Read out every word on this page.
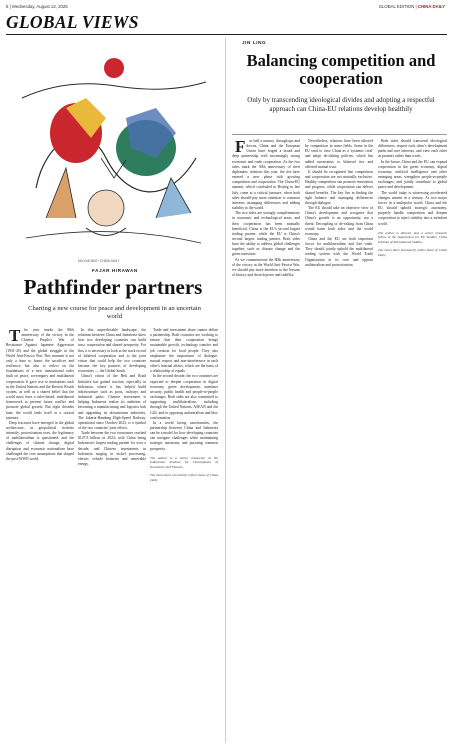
8 | Wednesday, August 13, 2025	GLOBAL EDITION | CHINA DAILY
GLOBAL VIEWS
MA XUEJING / CHINA DAILY
FAJAR HIRAWAN
Pathfinder partners
Charting a new course for peace and development in an uncertain world

T he year marks the 80th anniversary of the victory in the Chinese People's War of Resistance Against Japanese Aggression (1931-45) and the global struggle in the World Anti-Fascist War. This moment is not only a time to honor the sacrifices and resilience, but also to reflect on the foundations of a new international order built on peace, sovereignty and multilateral cooperation. It gave rise to institutions such as the United Nations and the Bretton Woods system, as well as a shared belief that the world must have a rules-based, multilateral framework to prevent future conflict and promote global growth. But eight decades later, the world finds itself at a critical juncture.

Deep fractures have emerged in the global architecture, as geopolitical rivalries intensify, protectionism rises, the legitimacy of multilateralism is questioned, and the challenges of climate change, digital disruption and economic nationalism have challenged the core assumptions that shaped the post-WWII world.

In this unpredictable landscape, the relations between China and Indonesia show how two developing countries can build trust, cooperation and shared prosperity. For this, it is necessary to look at the track record of bilateral cooperation and to the joint vision that could help the two countries become the key partners of developing economies — the Global South.

China's vision of the Belt and Road Initiative has gained traction, especially in Indonesia, where it has helped build infrastructure such as ports, railways and industrial parks. Chinese investment is helping Indonesia realize its ambition of becoming a manufacturing and logistics hub and upgrading its downstream industries. The Jakarta-Bandung High-Speed Railway, operational since October 2023, is a symbol of the two countries' joint efforts.

Trade between the two economies reached $147.8 billion in 2024, with China being Indonesia's largest trading partner for over a decade, and Chinese investments in Indonesia surging in nickel processing, electric vehicle batteries and renewable energy.

Trade and investment alone cannot define a partnership. Both countries are working to ensure that their cooperation brings sustainable growth, technology transfer and job creation for local people. They also emphasize the importance of dialogue, mutual respect and non-interference in each other's internal affairs, which are the basis of a relationship of equals.

In the second decade, the two countries are expected to deepen cooperation in digital economy, green development, maritime security, public health and people-to-people exchanges. Both sides are also committed to supporting multilateralism, including through the United Nations, ASEAN and the G20, and to opposing unilateralism and bloc confrontation.

In a world facing uncertainties, the partnership between China and Indonesia can be a model for how developing countries can navigate challenges while maintaining strategic autonomy and pursuing common prosperity.

The author is a senior researcher at the Indonesian Institute for Development of Economics and Finance.

The views don't necessarily reflect those of China Daily.

JIN LING
Balancing competition and cooperation
Only by transcending ideological divides and adopting a respectful approach can China-EU relations develop healthily

F or half a century, through ups and downs, China and the European Union have forged a broad and deep partnership with increasingly strong economic and trade cooperation. As the two sides mark the 50th anniversary of their diplomatic relations this year, the ties have entered a new phase with growing competition and cooperation. The China-EU summit, which concluded in Beijing in late July, came at a critical juncture, when both sides should pay more attention to common interests, managing differences and adding stability to the world.

The two sides are strongly complementary in economic and technological areas, and their cooperation has been mutually beneficial. China is the EU's second largest trading partner, while the EU is China's second largest trading partner. Both sides have the ability to address global challenges together, such as climate change and the green transition.

As we commemorate the 80th anniversary of the victory in the World Anti-Fascist War, we should pay more attention to the lessons of history and cherish peace and stability.

Nevertheless, relations have been affected by competition in some fields. Some in the EU tend to view China as a 'systemic rival' and adopt de-risking policies, which has added uncertainty to bilateral ties and affected mutual trust.

It should be recognized that competition and cooperation are not mutually exclusive. Healthy competition can promote innovation and progress, while cooperation can deliver shared benefits. The key lies in finding the right balance and managing differences through dialogue.

The EU should take an objective view of China's development and recognize that China's growth is an opportunity, not a threat. Decoupling or de-risking from China would harm both sides and the world economy.

China and the EU are both important forces for multilateralism and free trade. They should jointly uphold the multilateral trading system with the World Trade Organization at its core and oppose unilateralism and protectionism.

Both sides should transcend ideological differences, respect each other's development paths and core interests, and view each other as partners rather than rivals.

In the future, China and the EU can expand cooperation in the green economy, digital economy, artificial intelligence and other emerging areas, strengthen people-to-people exchanges, and jointly contribute to global peace and development.

The world today is witnessing accelerated changes unseen in a century. As two major forces in a multipolar world, China and the EU should uphold strategic autonomy, properly handle competition and deepen cooperation to inject stability into a turbulent world.

The author is director and a senior research fellow at the Department for EU Studies, China Institute of International Studies.

The views don't necessarily reflect those of China Daily.
